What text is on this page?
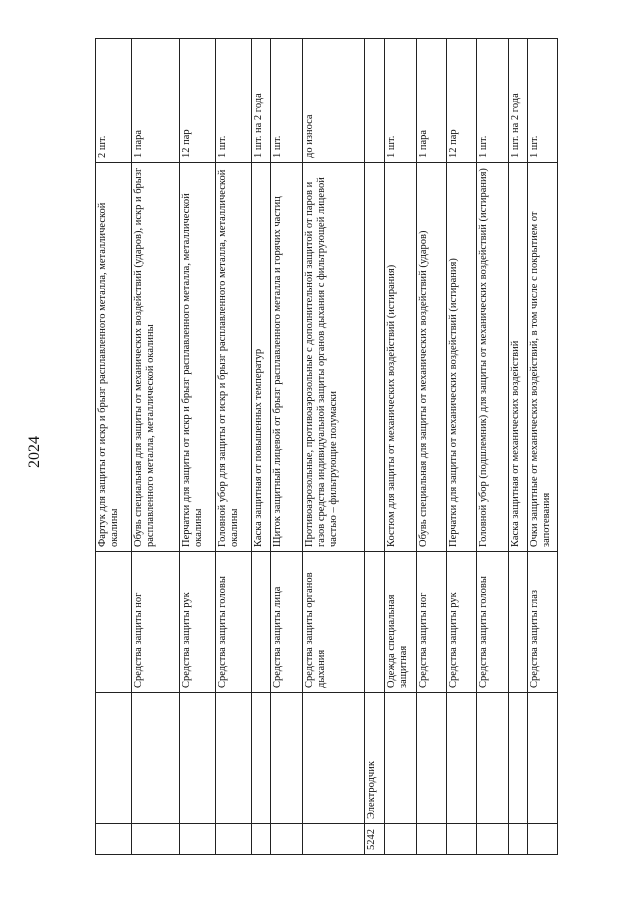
2024
				Фартук для защиты от искр и брызг расплавленного металла, металлической окалины	2 шт.
		Средства защиты ног	Обувь специальная для защиты от механических воздействий (ударов), искр и брызг расплавленного металла, металлической окалины	1 пара
		Средства защиты рук	Перчатки для защиты от искр и брызг расплавленного металла, металлической окалины	12 пар
		Средства защиты головы	Головной убор для защиты от искр и брызг расплавленного металла, металлической окалины	1 шт.
			Каска защитная от повышенных температур	1 шт. на 2 года
		Средства защиты лица	Щиток защитный лицевой от брызг расплавленного металла и горячих частиц	1 шт.
		Средства защиты органов дыхания	Противоаэрозольные, противоаэрозольные с дополнительной защитой от паров и газов средства индивидуальной защиты органов дыхания с фильтрующей лицевой частью – фильтрующие полумаски	до износа
5242	Электродчик			
		Одежда специальная защитная	Костюм для защиты от механических воздействий (истирания)	1 шт.
		Средства защиты ног	Обувь специальная для защиты от механических воздействий (ударов)	1 пара
		Средства защиты рук	Перчатки для защиты от механических воздействий (истирания)	12 пар
		Средства защиты головы	Головной убор (подшлемник) для защиты от механических воздействий (истирания)	1 шт.
			Каска защитная от механических воздействий	1 шт. на 2 года
		Средства защиты глаз	Очки защитные от механических воздействий, в том числе с покрытием от запотевания	1 шт.
